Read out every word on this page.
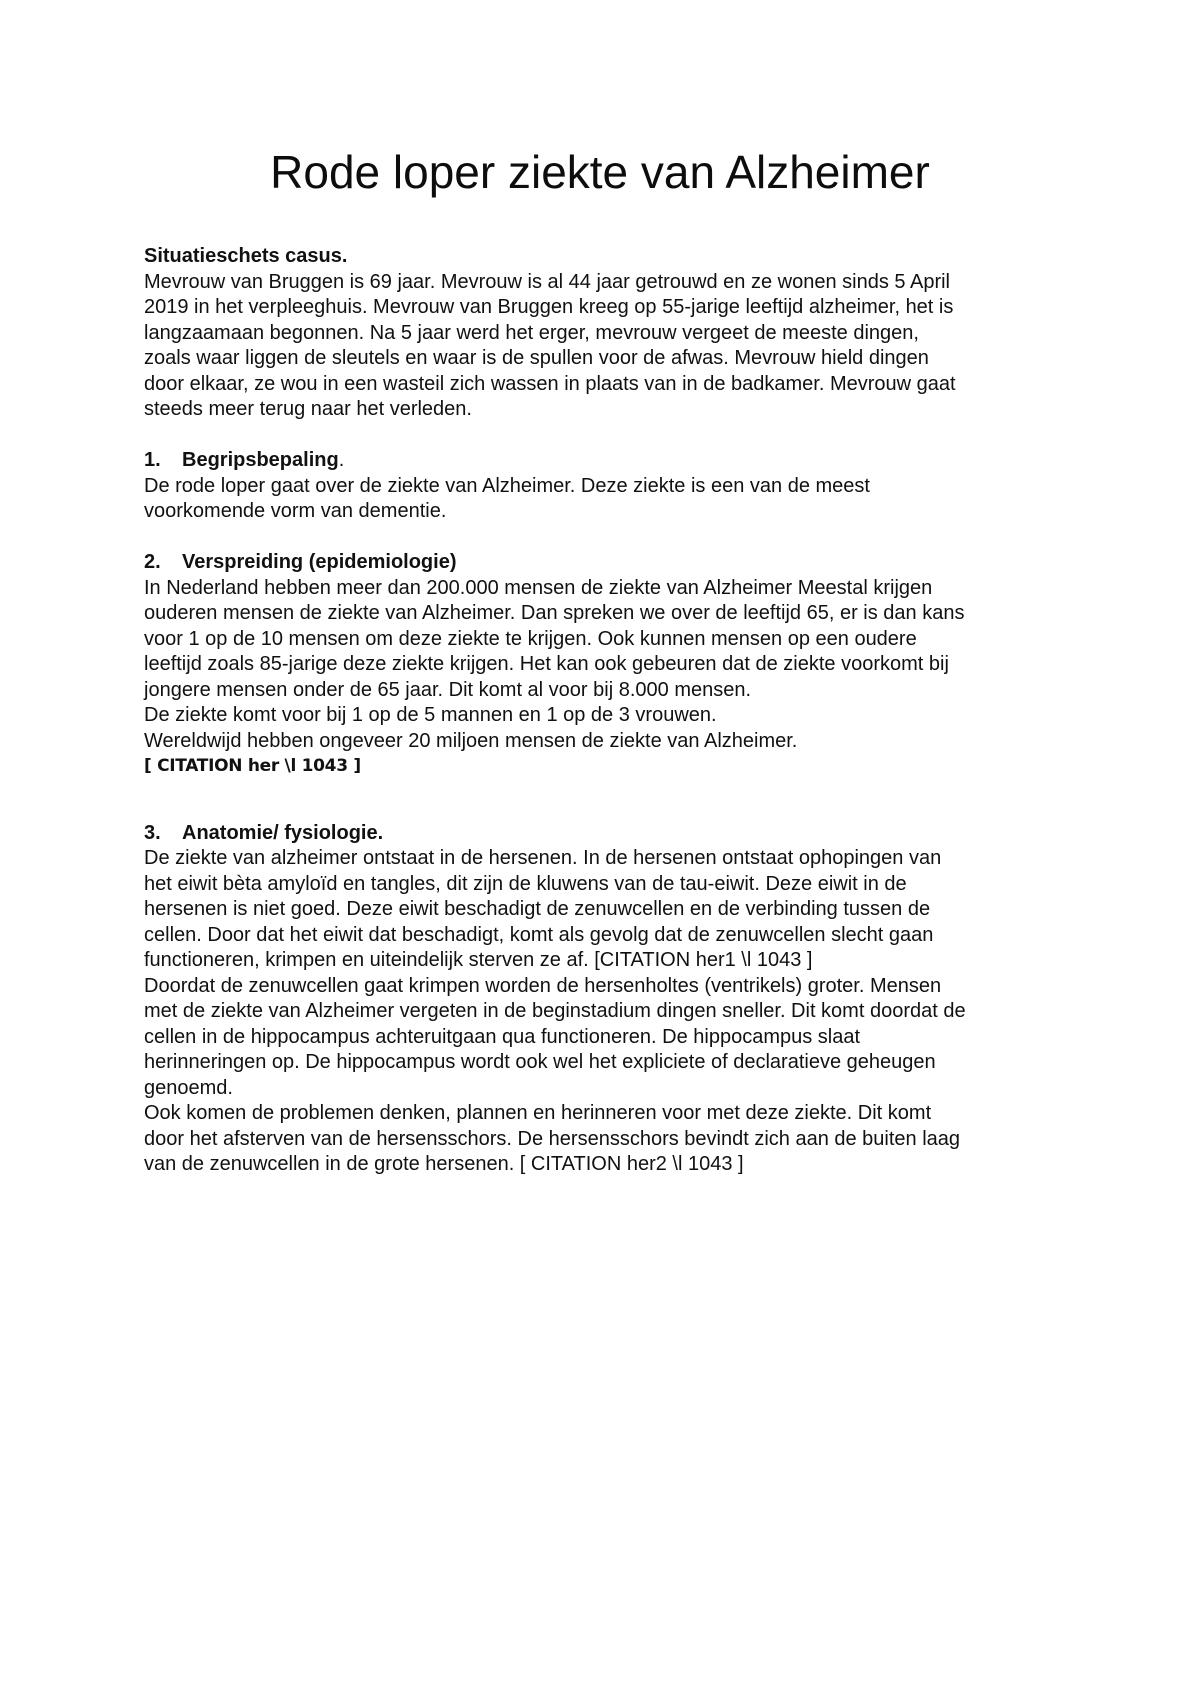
Rode loper ziekte van Alzheimer

Situatieschets casus.

Mevrouw van Bruggen is 69 jaar. Mevrouw is al 44 jaar getrouwd en ze wonen sinds 5 April

2019 in het verpleeghuis. Mevrouw van Bruggen kreeg op 55-jarige leeftijd alzheimer, het is

langzaamaan begonnen. Na 5 jaar werd het erger, mevrouw vergeet de meeste dingen,

zoals waar liggen de sleutels en waar is de spullen voor de afwas. Mevrouw hield dingen

door elkaar, ze wou in een wasteil zich wassen in plaats van in de badkamer. Mevrouw gaat

steeds meer terug naar het verleden.

1.	Begripsbepaling .

De rode loper gaat over de ziekte van Alzheimer. Deze ziekte is een van de meest

voorkomende vorm van dementie.

2.	Verspreiding (epidemiologie)

In Nederland hebben meer dan 200.000 mensen de ziekte van Alzheimer Meestal krijgen

ouderen mensen de ziekte van Alzheimer. Dan spreken we over de leeftijd 65, er is dan kans

voor 1 op de 10 mensen om deze ziekte te krijgen. Ook kunnen mensen op een oudere

leeftijd zoals 85-jarige deze ziekte krijgen. Het kan ook gebeuren dat de ziekte voorkomt bij

jongere mensen onder de 65 jaar. Dit komt al voor bij 8.000 mensen.

De ziekte komt voor bij 1 op de 5 mannen en 1 op de 3 vrouwen.

Wereldwijd hebben ongeveer 20 miljoen mensen de ziekte van Alzheimer.

[ CITATION her \l 1043 ]

3.	Anatomie/ fysiologie.

De ziekte van alzheimer ontstaat in de hersenen. In de hersenen ontstaat ophopingen van

het eiwit bèta amyloïd en tangles, dit zijn de kluwens van de tau-eiwit. Deze eiwit in de

hersenen is niet goed. Deze eiwit beschadigt de zenuwcellen en de verbinding tussen de

cellen. Door dat het eiwit dat beschadigt, komt als gevolg dat de zenuwcellen slecht gaan

functioneren, krimpen en uiteindelijk sterven ze af. [CITATION her1 \l 1043 ]

Doordat de zenuwcellen gaat krimpen worden de hersenholtes (ventrikels) groter. Mensen

met de ziekte van Alzheimer vergeten in de beginstadium dingen sneller. Dit komt doordat de

cellen in de hippocampus achteruitgaan qua functioneren. De hippocampus slaat

herinneringen op. De hippocampus wordt ook wel het expliciete of declaratieve geheugen

genoemd.

Ook komen de problemen denken, plannen en herinneren voor met deze ziekte. Dit komt

door het afsterven van de hersensschors. De hersensschors bevindt zich aan de buiten laag

van de zenuwcellen in de grote hersenen. [ CITATION her2 \l 1043 ]
